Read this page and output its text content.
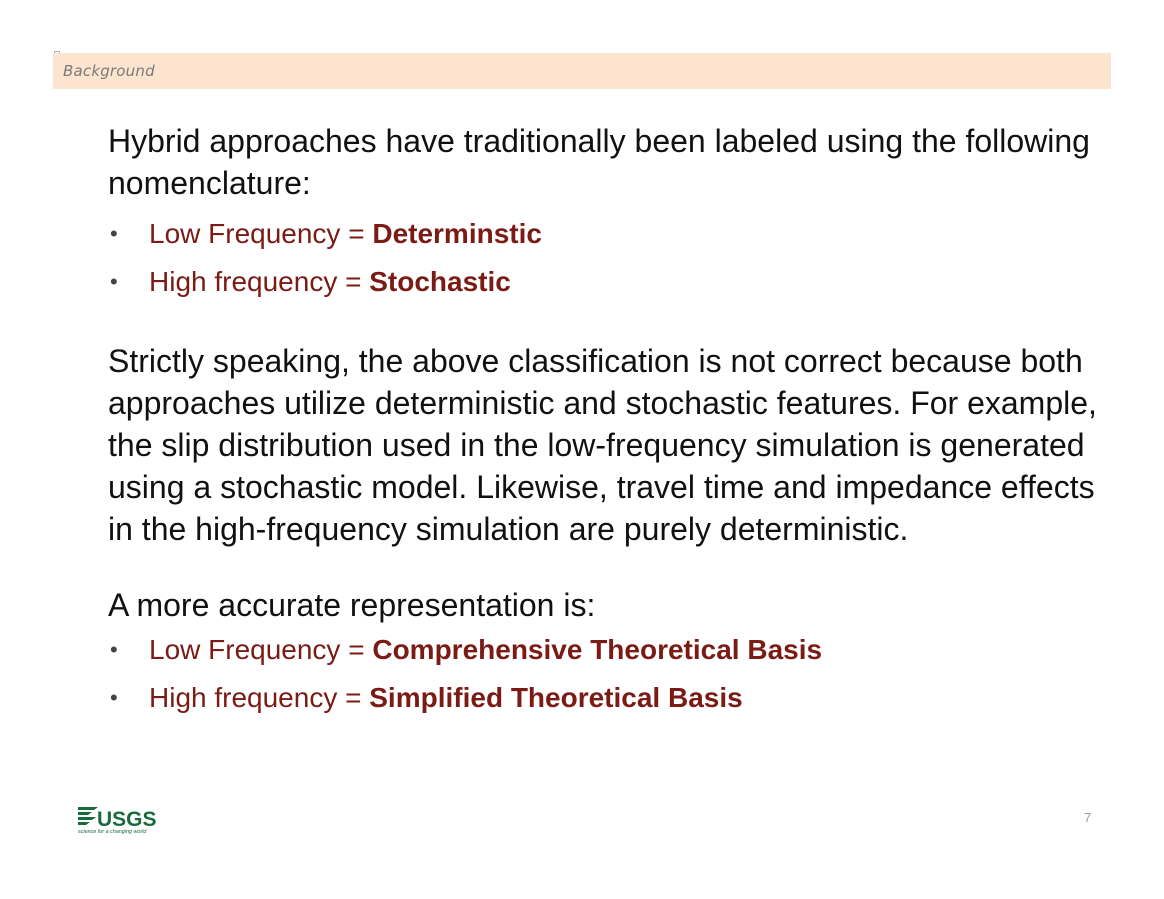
Background

Hybrid approaches have traditionally been labeled using the following nomenclature:

• Low Frequency = Determinstic
• High frequency = Stochastic

Strictly speaking, the above classification is not correct because both approaches utilize deterministic and stochastic features. For example, the slip distribution used in the low-frequency simulation is generated using a stochastic model. Likewise, travel time and impedance effects in the high-frequency simulation are purely deterministic.

A more accurate representation is:

• Low Frequency = Comprehensive Theoretical Basis
• High frequency = Simplified Theoretical Basis
USGS
science for a changing world
7
